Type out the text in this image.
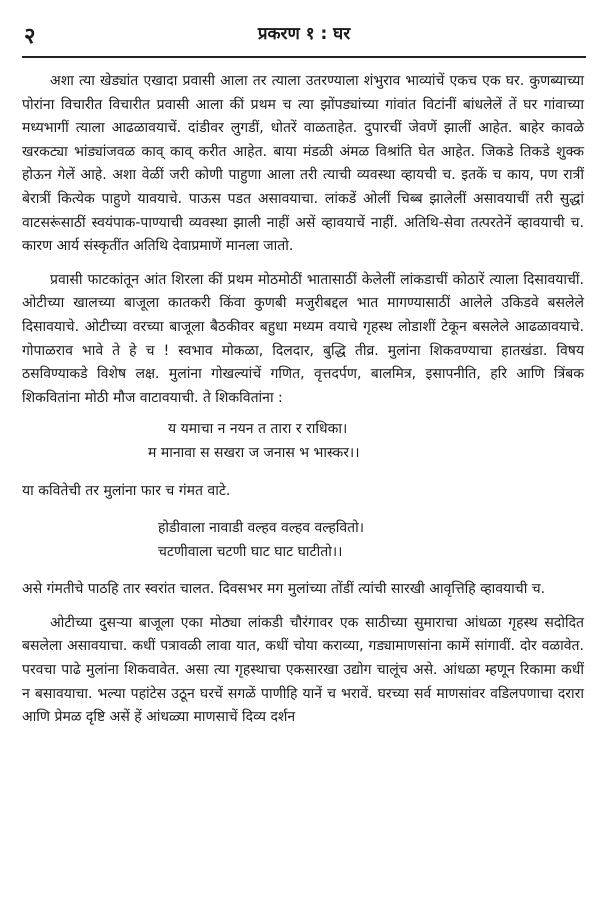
२	प्रकरण १ : घर

अशा त्या खेड्यांत एखादा प्रवासी आला तर त्याला उतरण्याला शंभुराव भाव्यांचें एकच एक घर. कुणब्याच्या पोरांना विचारीत विचारीत प्रवासी आला कीं प्रथम च त्या झोंपड्यांच्या गांवांत विटांनीं बांधलेलें तें घर गांवाच्या मध्यभागीं त्याला आढळावयाचें. दांडीवर लुगडीं, धोतरें वाळताहेत. दुपारचीं जेवणें झालीं आहेत. बाहेर कावळे खरकट्या भांड्यांजवळ काव् काव् करीत आहेत. बाया मंडळी अंमळ विश्रांति घेत आहेत. जिकडे तिकडे शुक्क होऊन गेलें आहे. अशा वेळीं जरी कोणी पाहुणा आला तरी त्याची व्यवस्था व्हायची च. इतकें च काय, पण रात्रीं बेरात्रीं कित्येक पाहुणे यावयाचे. पाऊस पडत असावयाचा. लांकडें ओलीं चिब्ब झालेलीं असावयाचीं तरी सुद्धां वाटसरूंसाठीं स्वयंपाक-पाण्याची व्यवस्था झाली नाहीं असें व्हावयाचें नाहीं. अतिथि-सेवा तत्परतेनें व्हावयाची च. कारण आर्य संस्कृतींत अतिथि देवाप्रमाणें मानला जातो.

प्रवासी फाटकांतून आंत शिरला कीं प्रथम मोठमोठीं भातासाठीं केलेलीं लांकडाचीं कोठारें त्याला दिसावयाचीं. ओटीच्या खालच्या बाजूला कातकरी किंवा कुणबी मजुरीबद्दल भात मागण्यासाठीं आलेले उकिडवे बसलेले दिसावयाचे. ओटीच्या वरच्या बाजूला बैठकीवर बहुधा मध्यम वयाचे गृहस्थ लोडाशीं टेकून बसलेले आढळावयाचे. गोपाळराव भावे ते हे च ! स्वभाव मोकळा, दिलदार, बुद्धि तीव्र. मुलांना शिकवण्याचा हातखंडा. विषय ठसविण्याकडे विशेष लक्ष. मुलांना गोखल्यांचें गणित, वृत्तदर्पण, बालमित्र, इसापनीति, हरि आणि त्रिंबक शिकवितांना मोठी मौज वाटावयाची. ते शिकवितांना :

य यमाचा न नयन त तारा र राधिका।

म मानावा स सखरा ज जनास भ भास्कर।।

या कवितेची तर मुलांना फार च गंमत वाटे.

होडीवाला नावाडी वल्हव वल्हव वल्हवितो।

चटणीवाला चटणी घाट घाट घाटीतो।।

असे गंमतीचे पाठहि तार स्वरांत चालत. दिवसभर मग मुलांच्या तोंडीं त्यांची सारखी आवृत्तिहि व्हावयाची च.

ओटीच्या दुसऱ्या बाजूला एका मोठ्या लांकडी चौरंगावर एक साठीच्या सुमाराचा आंधळा गृहस्थ सदोदित बसलेला असावयाचा. कधीं पत्रावळी लावा यात, कधीं चोया कराव्या, गड्यामाणसांना कामें सांगावीं. दोर वळावेत. परवचा पाढे मुलांना शिकवावेत. असा त्या गृहस्थाचा एकसारखा उद्योग चालूंच असे. आंधळा म्हणून रिकामा कधीं न बसावयाचा. भल्या पहांटेस उठून घरचें सगळें पाणीहि यानें च भरावें. घरच्या सर्व माणसांवर वडिलपणाचा दरारा आणि प्रेमळ दृष्टि असें हें आंधळ्या माणसाचें दिव्य दर्शन
